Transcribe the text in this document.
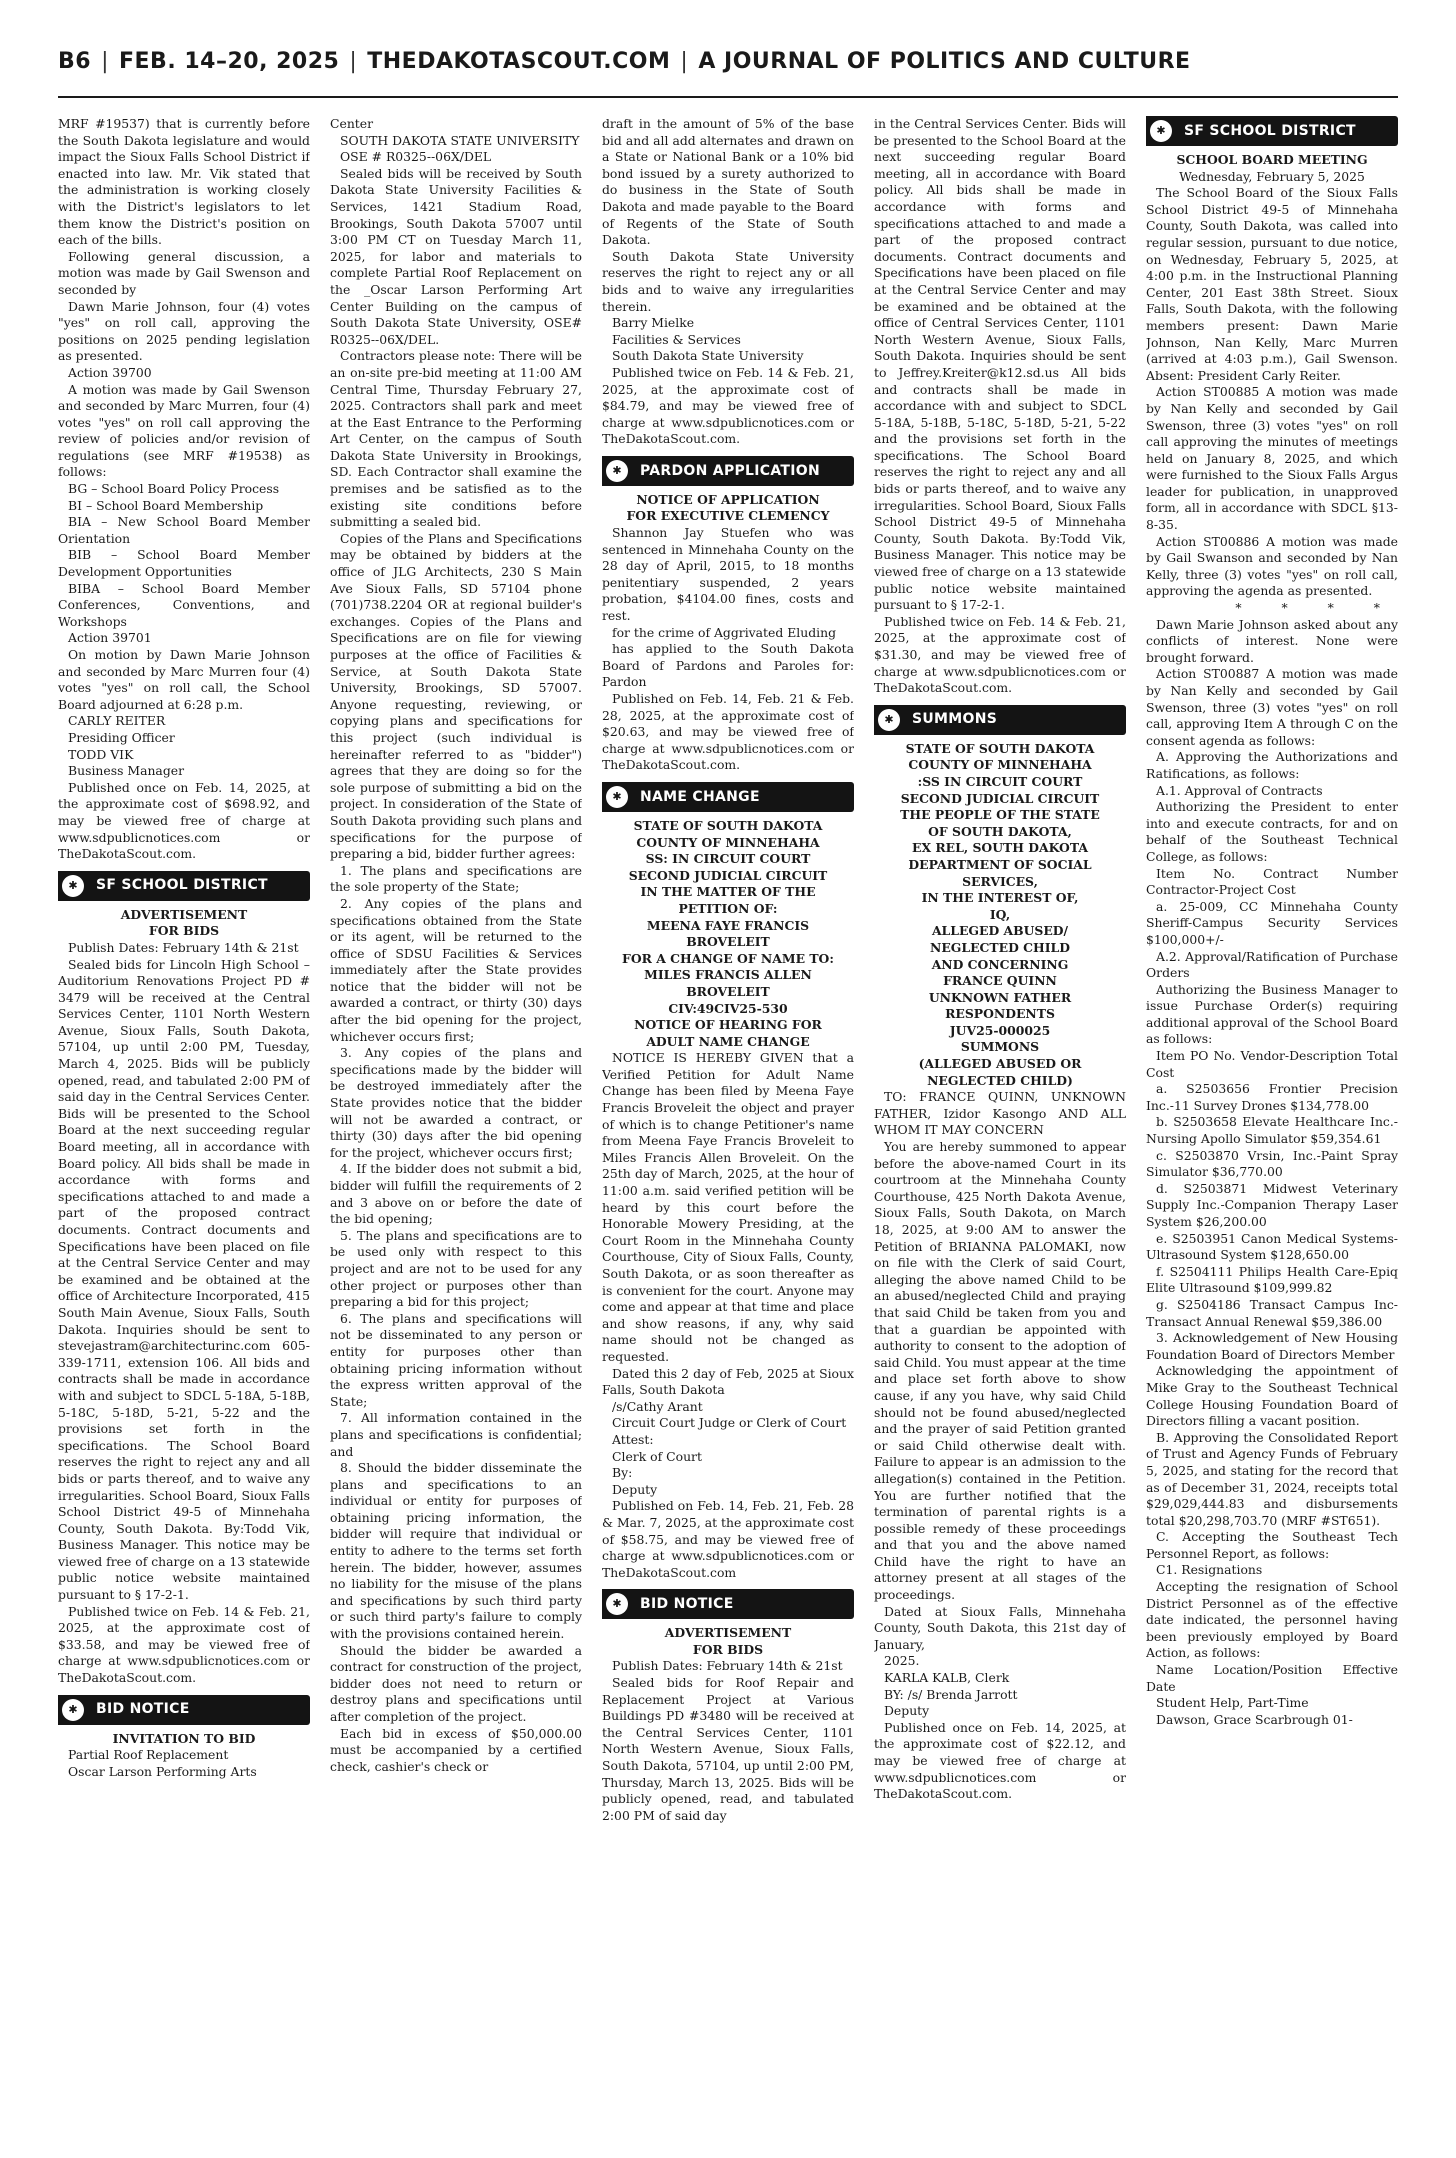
B6 | FEB. 14–20, 2025 | THEDAKOTASCOUT.COM | A JOURNAL OF POLITICS AND CULTURE

MRF #19537) that is currently before the South Dakota legislature and would impact the Sioux Falls School District if enacted into law. Mr. Vik stated that the administration is working closely with the District's legislators to let them know the District's position on each of the bills.

Following general discussion, a motion was made by Gail Swenson and seconded by

Dawn Marie Johnson, four (4) votes "yes" on roll call, approving the positions on 2025 pending legislation as presented.

Action 39700

A motion was made by Gail Swenson and seconded by Marc Murren, four (4) votes "yes" on roll call approving the review of policies and/or revision of regulations (see MRF #19538) as follows:

BG – School Board Policy Process

BI – School Board Membership

BIA – New School Board Member Orientation

BIB – School Board Member Development Opportunities

BIBA – School Board Member Conferences, Conventions, and Workshops

Action 39701

On motion by Dawn Marie Johnson and seconded by Marc Murren four (4) votes "yes" on roll call, the School Board adjourned at 6:28 p.m.

CARLY REITER

Presiding Officer

TODD VIK

Business Manager

Published once on Feb. 14, 2025, at the approximate cost of $698.92, and may be viewed free of charge at www.sdpublicnotices.com or TheDakotaScout.com.

✱	SF SCHOOL DISTRICT

ADVERTISEMENT

FOR BIDS

Publish Dates: February 14th & 21st

Sealed bids for Lincoln High School – Auditorium Renovations Project PD # 3479 will be received at the Central Services Center, 1101 North Western Avenue, Sioux Falls, South Dakota, 57104, up until 2:00 PM, Tuesday, March 4, 2025. Bids will be publicly opened, read, and tabulated 2:00 PM of said day in the Central Services Center. Bids will be presented to the School Board at the next succeeding regular Board meeting, all in accordance with Board policy. All bids shall be made in accordance with forms and specifications attached to and made a part of the proposed contract documents. Contract documents and Specifications have been placed on file at the Central Service Center and may be examined and be obtained at the office of Architecture Incorporated, 415 South Main Avenue, Sioux Falls, South Dakota. Inquiries should be sent to stevejastram@architecturinc.com 605-339-1711, extension 106. All bids and contracts shall be made in accordance with and subject to SDCL 5-18A, 5-18B, 5-18C, 5-18D, 5-21, 5-22 and the provisions set forth in the specifications. The School Board reserves the right to reject any and all bids or parts thereof, and to waive any irregularities. School Board, Sioux Falls School District 49-5 of Minnehaha County, South Dakota. By:Todd Vik, Business Manager. This notice may be viewed free of charge on a 13 statewide public notice website maintained pursuant to § 17-2-1.

Published twice on Feb. 14 & Feb. 21, 2025, at the approximate cost of $33.58, and may be viewed free of charge at www.sdpublicnotices.com or TheDakotaScout.com.

✱	BID NOTICE

INVITATION TO BID

Partial Roof Replacement

Oscar Larson Performing Arts

Center

SOUTH DAKOTA STATE UNIVERSITY

OSE # R0325--06X/DEL

Sealed bids will be received by South Dakota State University Facilities & Services, 1421 Stadium Road, Brookings, South Dakota 57007 until 3:00 PM CT on Tuesday March 11, 2025, for labor and materials to complete Partial Roof Replacement on the _Oscar Larson Performing Art Center Building on the campus of South Dakota State University, OSE# R0325--06X/DEL.

Contractors please note: There will be an on-site pre-bid meeting at 11:00 AM Central Time, Thursday February 27, 2025. Contractors shall park and meet at the East Entrance to the Performing Art Center, on the campus of South Dakota State University in Brookings, SD. Each Contractor shall examine the premises and be satisfied as to the existing site conditions before submitting a sealed bid.

Copies of the Plans and Specifications may be obtained by bidders at the office of JLG Architects, 230 S Main Ave Sioux Falls, SD 57104 phone (701)738.2204 OR at regional builder's exchanges. Copies of the Plans and Specifications are on file for viewing purposes at the office of Facilities & Service, at South Dakota State University, Brookings, SD 57007. Anyone requesting, reviewing, or copying plans and specifications for this project (such individual is hereinafter referred to as "bidder") agrees that they are doing so for the sole purpose of submitting a bid on the project. In consideration of the State of South Dakota providing such plans and specifications for the purpose of preparing a bid, bidder further agrees:

1. The plans and specifications are the sole property of the State;

2. Any copies of the plans and specifications obtained from the State or its agent, will be returned to the office of SDSU Facilities & Services immediately after the State provides notice that the bidder will not be awarded a contract, or thirty (30) days after the bid opening for the project, whichever occurs first;

3. Any copies of the plans and specifications made by the bidder will be destroyed immediately after the State provides notice that the bidder will not be awarded a contract, or thirty (30) days after the bid opening for the project, whichever occurs first;

4. If the bidder does not submit a bid, bidder will fulfill the requirements of 2 and 3 above on or before the date of the bid opening;

5. The plans and specifications are to be used only with respect to this project and are not to be used for any other project or purposes other than preparing a bid for this project;

6. The plans and specifications will not be disseminated to any person or entity for purposes other than obtaining pricing information without the express written approval of the State;

7. All information contained in the plans and specifications is confidential; and

8. Should the bidder disseminate the plans and specifications to an individual or entity for purposes of obtaining pricing information, the bidder will require that individual or entity to adhere to the terms set forth herein. The bidder, however, assumes no liability for the misuse of the plans and specifications by such third party or such third party's failure to comply with the provisions contained herein.

Should the bidder be awarded a contract for construction of the project, bidder does not need to return or destroy plans and specifications until after completion of the project.

Each bid in excess of $50,000.00 must be accompanied by a certified check, cashier's check or

draft in the amount of 5% of the base bid and all add alternates and drawn on a State or National Bank or a 10% bid bond issued by a surety authorized to do business in the State of South Dakota and made payable to the Board of Regents of the State of South Dakota.

South Dakota State University reserves the right to reject any or all bids and to waive any irregularities therein.

Barry Mielke

Facilities & Services

South Dakota State University

Published twice on Feb. 14 & Feb. 21, 2025, at the approximate cost of $84.79, and may be viewed free of charge at www.sdpublicnotices.com or TheDakotaScout.com.

✱	PARDON APPLICATION

NOTICE OF APPLICATION

FOR EXECUTIVE CLEMENCY

Shannon Jay Stuefen who was sentenced in Minnehaha County on the 28 day of April, 2015, to 18 months penitentiary suspended, 2 years probation, $4104.00 fines, costs and rest.

for the crime of Aggrivated Eluding

has applied to the South Dakota Board of Pardons and Paroles for: Pardon

Published on Feb. 14, Feb. 21 & Feb. 28, 2025, at the approximate cost of $20.63, and may be viewed free of charge at www.sdpublicnotices.com or TheDakotaScout.com.

✱	NAME CHANGE

STATE OF SOUTH DAKOTA

COUNTY OF MINNEHAHA

SS: IN CIRCUIT COURT

SECOND JUDICIAL CIRCUIT

IN THE MATTER OF THE

PETITION OF:

MEENA FAYE FRANCIS

BROVELEIT

FOR A CHANGE OF NAME TO:

MILES FRANCIS ALLEN

BROVELEIT

CIV:49CIV25-530

NOTICE OF HEARING FOR

ADULT NAME CHANGE

NOTICE IS HEREBY GIVEN that a Verified Petition for Adult Name Change has been filed by Meena Faye Francis Broveleit the object and prayer of which is to change Petitioner's name from Meena Faye Francis Broveleit to Miles Francis Allen Broveleit. On the 25th day of March, 2025, at the hour of 11:00 a.m. said verified petition will be heard by this court before the Honorable Mowery Presiding, at the Court Room in the Minnehaha County Courthouse, City of Sioux Falls, County, South Dakota, or as soon thereafter as is convenient for the court. Anyone may come and appear at that time and place and show reasons, if any, why said name should not be changed as requested.

Dated this 2 day of Feb, 2025 at Sioux Falls, South Dakota

/s/Cathy Arant

Circuit Court Judge or Clerk of Court

Attest:

Clerk of Court

By:

Deputy

Published on Feb. 14, Feb. 21, Feb. 28 & Mar. 7, 2025, at the approximate cost of $58.75, and may be viewed free of charge at www.sdpublicnotices.com or TheDakotaScout.com

✱	BID NOTICE

ADVERTISEMENT

FOR BIDS

Publish Dates: February 14th & 21st

Sealed bids for Roof Repair and Replacement Project at Various Buildings PD #3480 will be received at the Central Services Center, 1101 North Western Avenue, Sioux Falls, South Dakota, 57104, up until 2:00 PM, Thursday, March 13, 2025. Bids will be publicly opened, read, and tabulated 2:00 PM of said day

in the Central Services Center. Bids will be presented to the School Board at the next succeeding regular Board meeting, all in accordance with Board policy. All bids shall be made in accordance with forms and specifications attached to and made a part of the proposed contract documents. Contract documents and Specifications have been placed on file at the Central Service Center and may be examined and be obtained at the office of Central Services Center, 1101 North Western Avenue, Sioux Falls, South Dakota. Inquiries should be sent to Jeffrey.Kreiter@k12.sd.us All bids and contracts shall be made in accordance with and subject to SDCL 5-18A, 5-18B, 5-18C, 5-18D, 5-21, 5-22 and the provisions set forth in the specifications. The School Board reserves the right to reject any and all bids or parts thereof, and to waive any irregularities. School Board, Sioux Falls School District 49-5 of Minnehaha County, South Dakota. By:Todd Vik, Business Manager. This notice may be viewed free of charge on a 13 statewide public notice website maintained pursuant to § 17-2-1.

Published twice on Feb. 14 & Feb. 21, 2025, at the approximate cost of $31.30, and may be viewed free of charge at www.sdpublicnotices.com or TheDakotaScout.com.

✱	SUMMONS

STATE OF SOUTH DAKOTA

COUNTY OF MINNEHAHA

:SS IN CIRCUIT COURT

SECOND JUDICIAL CIRCUIT

THE PEOPLE OF THE STATE

OF SOUTH DAKOTA,

EX REL, SOUTH DAKOTA

DEPARTMENT OF SOCIAL

SERVICES,

IN THE INTEREST OF,

IQ,

ALLEGED ABUSED/

NEGLECTED CHILD

AND CONCERNING

FRANCE QUINN

UNKNOWN FATHER

RESPONDENTS

JUV25-000025

SUMMONS

(ALLEGED ABUSED OR

NEGLECTED CHILD)

TO: FRANCE QUINN, UNKNOWN FATHER, Izidor Kasongo AND ALL WHOM IT MAY CONCERN

You are hereby summoned to appear before the above-named Court in its courtroom at the Minnehaha County Courthouse, 425 North Dakota Avenue, Sioux Falls, South Dakota, on March 18, 2025, at 9:00 AM to answer the Petition of BRIANNA PALOMAKI, now on file with the Clerk of said Court, alleging the above named Child to be an abused/neglected Child and praying that said Child be taken from you and that a guardian be appointed with authority to consent to the adoption of said Child. You must appear at the time and place set forth above to show cause, if any you have, why said Child should not be found abused/neglected and the prayer of said Petition granted or said Child otherwise dealt with. Failure to appear is an admission to the allegation(s) contained in the Petition. You are further notified that the termination of parental rights is a possible remedy of these proceedings and that you and the above named Child have the right to have an attorney present at all stages of the proceedings.

Dated at Sioux Falls, Minnehaha County, South Dakota, this 21st day of January,

2025.

KARLA KALB, Clerk

BY: /s/ Brenda Jarrott

Deputy

Published once on Feb. 14, 2025, at the approximate cost of $22.12, and may be viewed free of charge at www.sdpublicnotices.com or TheDakotaScout.com.

✱	SF SCHOOL DISTRICT

SCHOOL BOARD MEETING

Wednesday, February 5, 2025

The School Board of the Sioux Falls School District 49-5 of Minnehaha County, South Dakota, was called into regular session, pursuant to due notice, on Wednesday, February 5, 2025, at 4:00 p.m. in the Instructional Planning Center, 201 East 38th Street. Sioux Falls, South Dakota, with the following members present: Dawn Marie Johnson, Nan Kelly, Marc Murren (arrived at 4:03 p.m.), Gail Swenson. Absent: President Carly Reiter.

Action ST00885 A motion was made by Nan Kelly and seconded by Gail Swenson, three (3) votes "yes" on roll call approving the minutes of meetings held on January 8, 2025, and which were furnished to the Sioux Falls Argus leader for publication, in unapproved form, all in accordance with SDCL §13-8-35.

Action ST00886 A motion was made by Gail Swanson and seconded by Nan Kelly, three (3) votes "yes" on roll call, approving the agenda as presented.

* * * *

Dawn Marie Johnson asked about any conflicts of interest. None were brought forward.

Action ST00887 A motion was made by Nan Kelly and seconded by Gail Swenson, three (3) votes "yes" on roll call, approving Item A through C on the consent agenda as follows:

A. Approving the Authorizations and Ratifications, as follows:

A.1. Approval of Contracts

Authorizing the President to enter into and execute contracts, for and on behalf of the Southeast Technical College, as follows:

Item No. Contract Number Contractor-Project Cost

a. 25-009, CC Minnehaha County Sheriff-Campus Security Services $100,000+/-

A.2. Approval/Ratification of Purchase Orders

Authorizing the Business Manager to issue Purchase Order(s) requiring additional approval of the School Board as follows:

Item PO No. Vendor-Description Total Cost

a. S2503656 Frontier Precision Inc.-11 Survey Drones $134,778.00

b. S2503658 Elevate Healthcare Inc.-Nursing Apollo Simulator $59,354.61

c. S2503870 Vrsin, Inc.-Paint Spray Simulator $36,770.00

d. S2503871 Midwest Veterinary Supply Inc.-Companion Therapy Laser System $26,200.00

e. S2503951 Canon Medical Systems-Ultrasound System $128,650.00

f. S2504111 Philips Health Care-Epiq Elite Ultrasound $109,999.82

g. S2504186 Transact Campus Inc-Transact Annual Renewal $59,386.00

3. Acknowledgement of New Housing Foundation Board of Directors Member

Acknowledging the appointment of Mike Gray to the Southeast Technical College Housing Foundation Board of Directors filling a vacant position.

B. Approving the Consolidated Report of Trust and Agency Funds of February 5, 2025, and stating for the record that as of December 31, 2024, receipts total $29,029,444.83 and disbursements total $20,298,703.70 (MRF #ST651).

C. Accepting the Southeast Tech Personnel Report, as follows:

C1. Resignations

Accepting the resignation of School District Personnel as of the effective date indicated, the personnel having been previously employed by Board Action, as follows:

Name Location/Position Effective Date

Student Help, Part-Time

Dawson, Grace Scarbrough 01-
